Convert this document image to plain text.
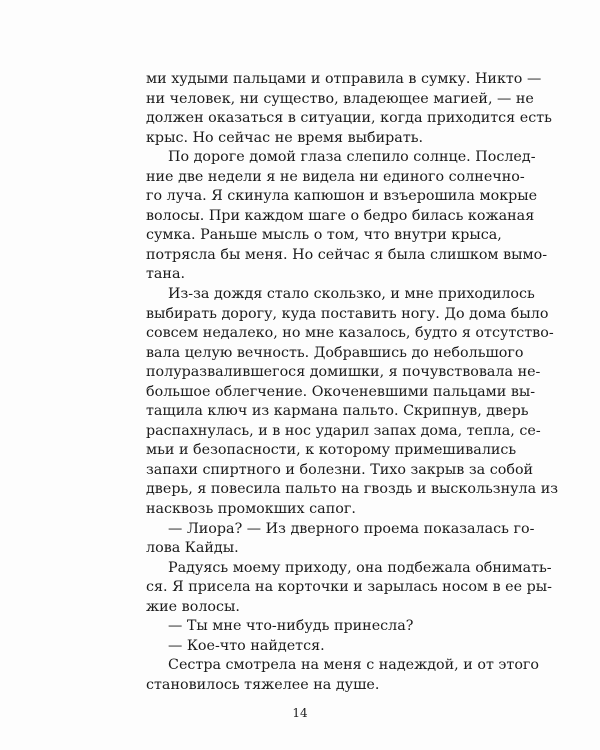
ми худыми пальцами и отправила в сумку. Никто —
ни человек, ни существо, владеющее магией, — не
должен оказаться в ситуации, когда приходится есть
крыс. Но сейчас не время выбирать.
По дороге домой глаза слепило солнце. Послед-
ние две недели я не видела ни единого солнечно-
го луча. Я скинула капюшон и взъерошила мокрые
волосы. При каждом шаге о бедро билась кожаная
сумка. Раньше мысль о том, что внутри крыса,
потрясла бы меня. Но сейчас я была слишком вымо-
тана.
Из-за дождя стало скользко, и мне приходилось
выбирать дорогу, куда поставить ногу. До дома было
совсем недалеко, но мне казалось, будто я отсутство-
вала целую вечность. Добравшись до небольшого
полуразвалившегося домишки, я почувствовала не-
большое облегчение. Окоченевшими пальцами вы-
тащила ключ из кармана пальто. Скрипнув, дверь
распахнулась, и в нос ударил запах дома, тепла, се-
мьи и безопасности, к которому примешивались
запахи спиртного и болезни. Тихо закрыв за собой
дверь, я повесила пальто на гвоздь и выскользнула из
насквозь промокших сапог.
— Лиора? — Из дверного проема показалась го-
лова Кайды.
Радуясь моему приходу, она подбежала обнимать-
ся. Я присела на корточки и зарылась носом в ее ры-
жие волосы.
— Ты мне что-нибудь принесла?
— Кое-что найдется.
Сестра смотрела на меня с надеждой, и от этого
становилось тяжелее на душе.
14
